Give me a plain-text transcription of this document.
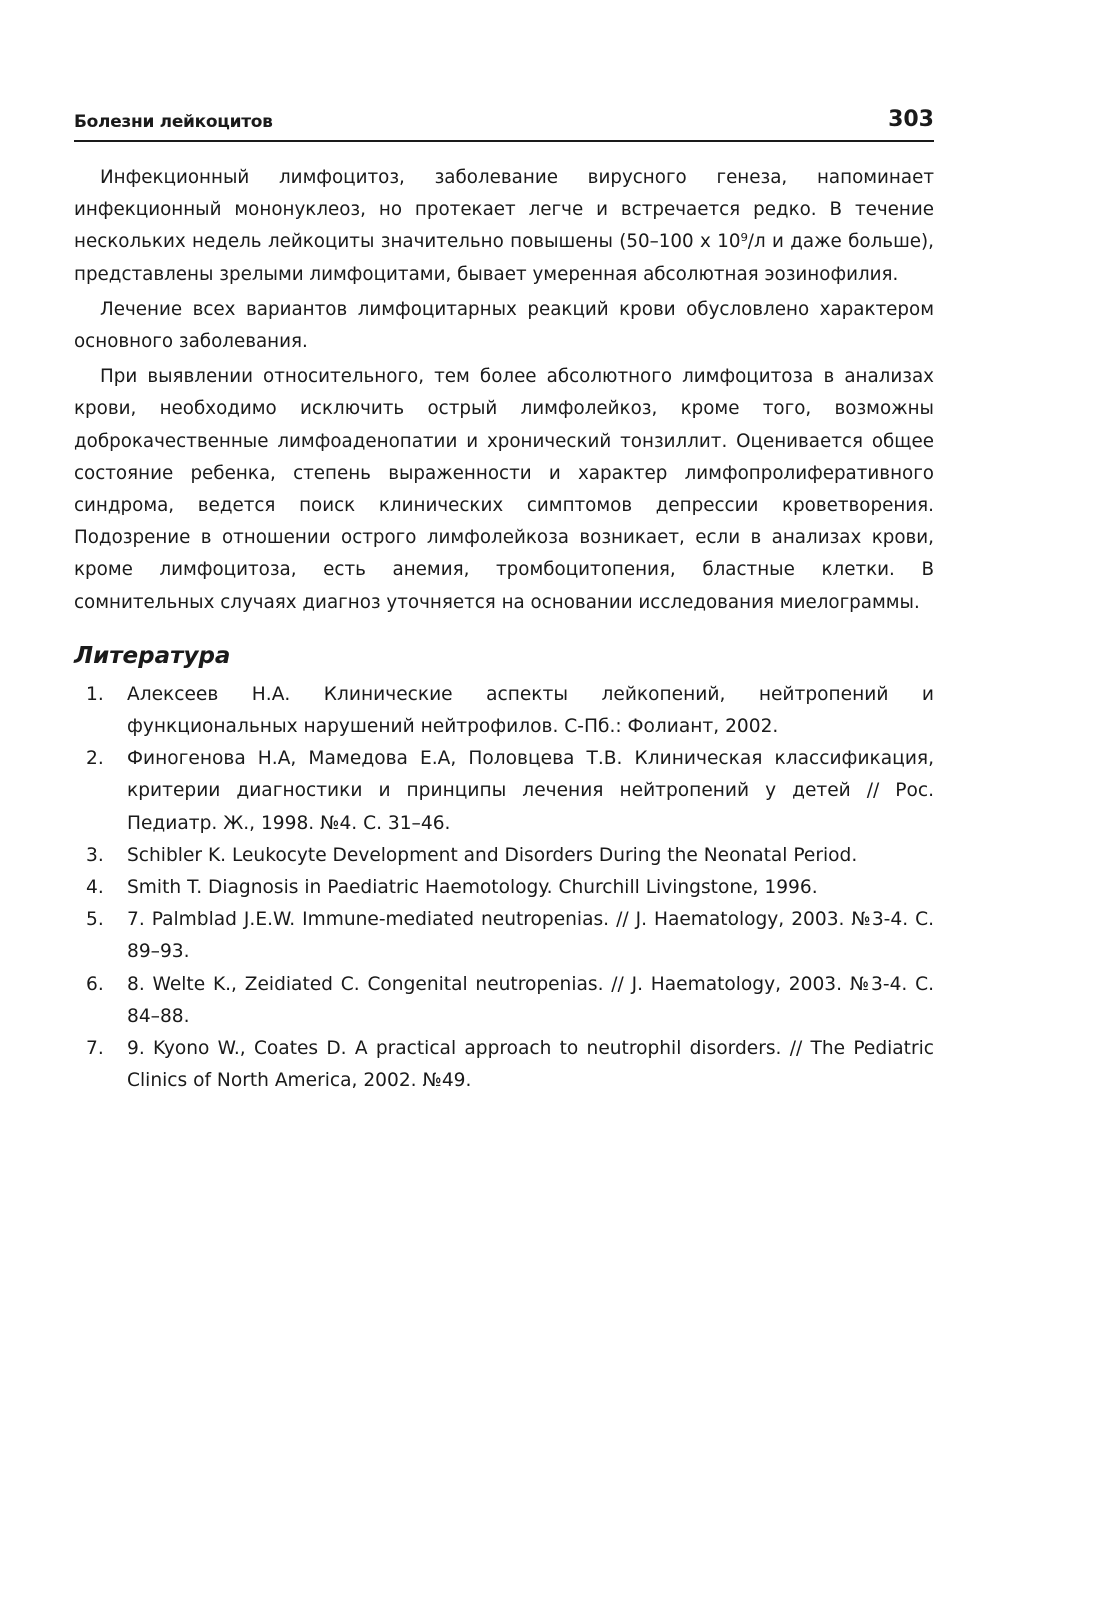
Болезни лейкоцитов	303

Инфекционный лимфоцитоз, заболевание вирусного генеза, напоминает инфекционный мононуклеоз, но протекает легче и встречается редко. В течение нескольких недель лейкоциты значительно повышены (50–100 x 10⁹/л и даже больше), представлены зрелыми лимфоцитами, бывает умеренная абсолютная эозинофилия.

Лечение всех вариантов лимфоцитарных реакций крови обусловлено характером основного заболевания.

При выявлении относительного, тем более абсолютного лимфоцитоза в анализах крови, необходимо исключить острый лимфолейкоз, кроме того, возможны доброкачественные лимфоаденопатии и хронический тонзиллит. Оценивается общее состояние ребенка, степень выраженности и характер лимфопролиферативного синдрома, ведется поиск клинических симптомов депрессии кроветворения. Подозрение в отношении острого лимфолейкоза возникает, если в анализах крови, кроме лимфоцитоза, есть анемия, тромбоцитопения, бластные клетки. В сомнительных случаях диагноз уточняется на основании исследования миелограммы.

Литература
1. Алексеев Н.А. Клинические аспекты лейкопений, нейтропений и функциональных нарушений нейтрофилов. С-Пб.: Фолиант, 2002.
2. Финогенова Н.А, Мамедова Е.А, Половцева Т.В. Клиническая классификация, критерии диагностики и принципы лечения нейтропений у детей // Рос. Педиатр. Ж., 1998. №4. С. 31–46.
3. Schibler K. Leukocyte Development and Disorders During the Neonatal Period.
4. Smith T. Diagnosis in Paediatric Haemotology. Churchill Livingstone, 1996.
5. 7. Palmblad J.E.W. Immune-mediated neutropenias. // J. Haematology, 2003. №3-4. С. 89–93.
6. 8. Welte K., Zeidiated C. Congenital neutropenias. // J. Haematology, 2003. №3-4. С. 84–88.
7. 9. Kyono W., Coates D. A practical approach to neutrophil disorders. // The Pediatric Clinics of North America, 2002. №49.
